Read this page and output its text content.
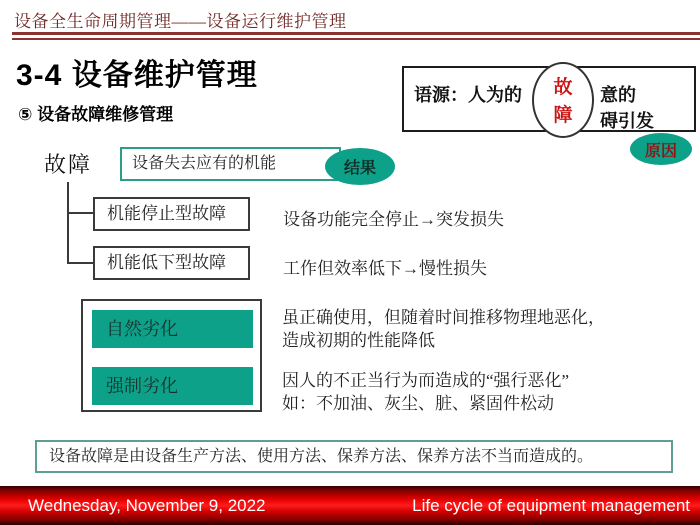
设备全生命周期管理——设备运行维护管理
3-4 设备维护管理
⑤ 设备故障维修管理
语源：人为的	故
障
意的
碍引发
原因
故障	设备失去应有的机能	结果
机能停止型故障	设备功能完全停止→突发损失
机能低下型故障	工作但效率低下→慢性损失
自然劣化
虽正确使用，但随着时间推移物理地恶化，
造成初期的性能降低
强制劣化	因人的不正当行为而造成的“强行恶化”
如：不加油、灰尘、脏、紧固件松动
设备故障是由设备生产方法、使用方法、保养方法、保养方法不当而造成的。
Wednesday, November 9, 2022	Life cycle of equipment management
